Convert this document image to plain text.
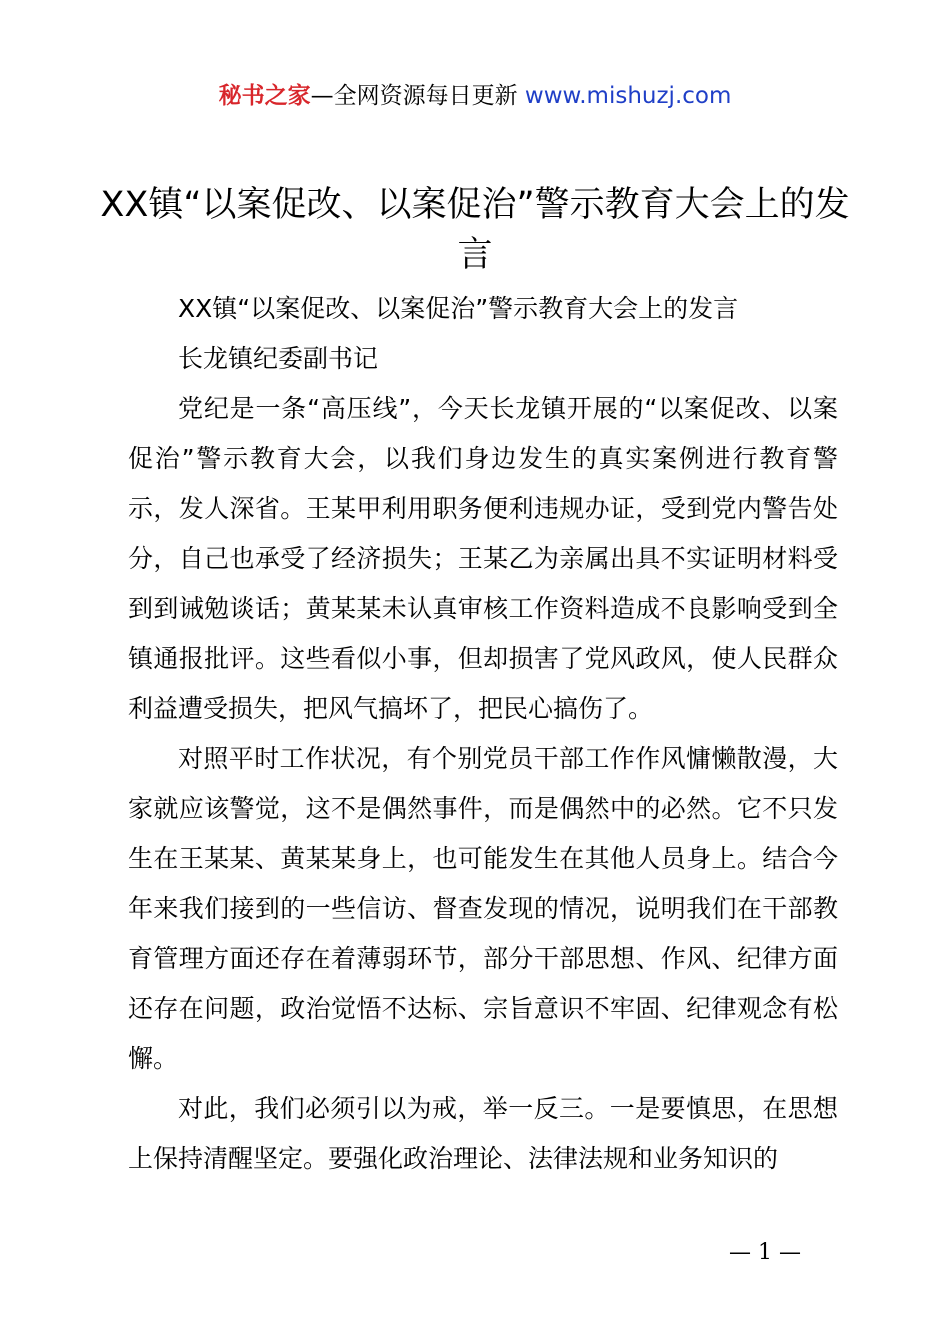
秘书之家—全网资源每日更新 www.mishuzj.com
XX镇“以案促改、以案促治”警示教育大会上的发言

XX镇“以案促改、以案促治”警示教育大会上的发言

长龙镇纪委副书记

党纪是一条“高压线”，今天长龙镇开展的“以案促改、以案促治”警示教育大会，以我们身边发生的真实案例进行教育警示，发人深省。王某甲利用职务便利违规办证，受到党内警告处分，自己也承受了经济损失；王某乙为亲属出具不实证明材料受到到诫勉谈话；黄某某未认真审核工作资料造成不良影响受到全镇通报批评。这些看似小事，但却损害了党风政风，使人民群众利益遭受损失，把风气搞坏了，把民心搞伤了。

对照平时工作状况，有个别党员干部工作作风慵懒散漫，大家就应该警觉，这不是偶然事件，而是偶然中的必然。它不只发生在王某某、黄某某身上，也可能发生在其他人员身上。结合今年来我们接到的一些信访、督查发现的情况，说明我们在干部教育管理方面还存在着薄弱环节，部分干部思想、作风、纪律方面还存在问题，政治觉悟不达标、宗旨意识不牢固、纪律观念有松懈。

对此，我们必须引以为戒，举一反三。一是要慎思，在思想上保持清醒坚定。要强化政治理论、法律法规和业务知识的

— 1 —
